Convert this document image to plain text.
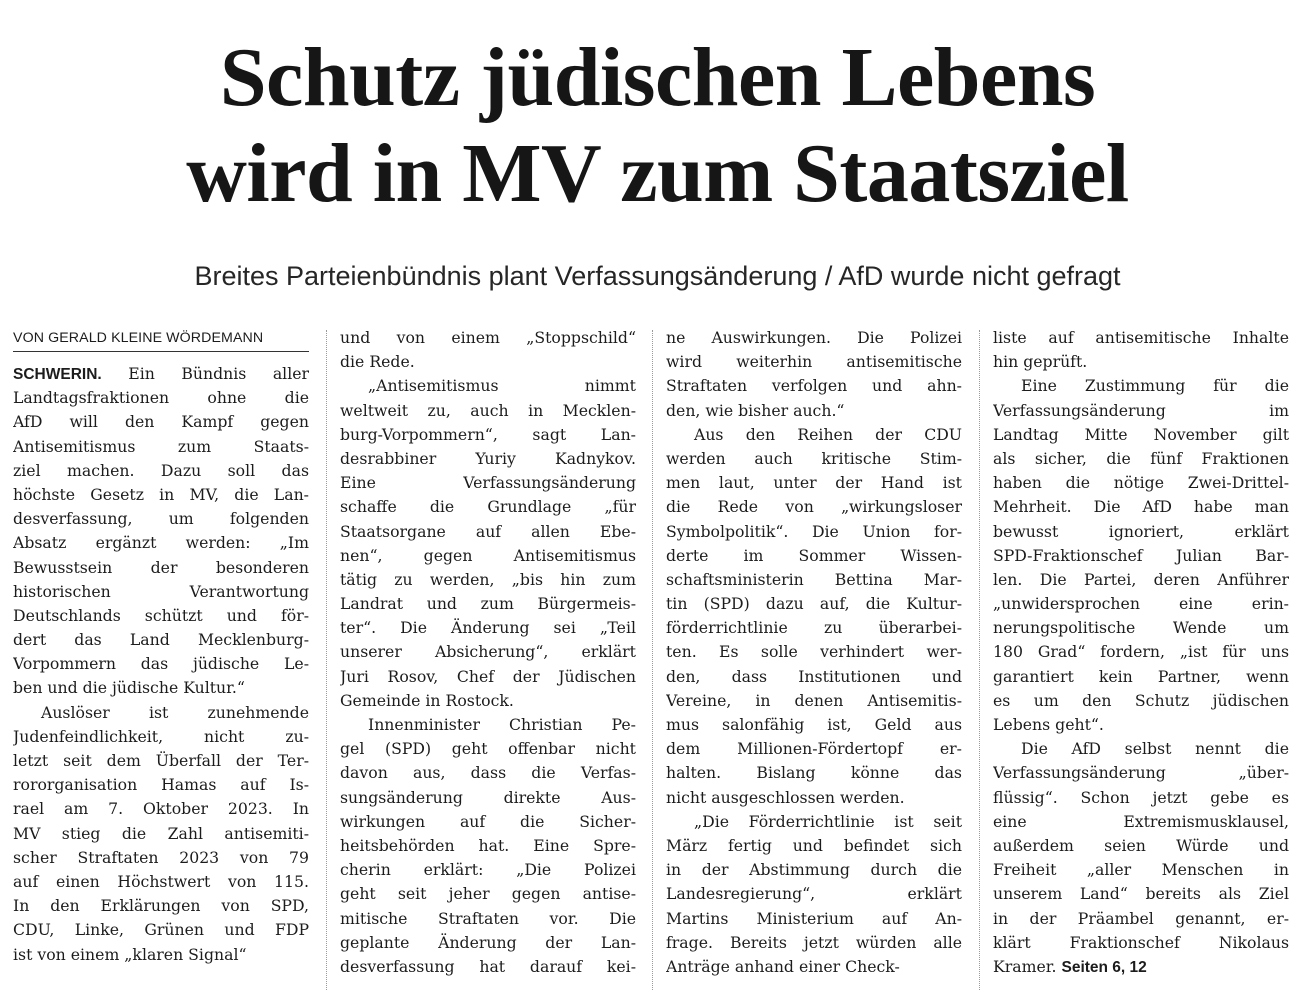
Schutz jüdischen Lebens
wird in MV zum Staatsziel
Breites Parteienbündnis plant Verfassungsänderung / AfD wurde nicht gefragt
VON GERALD KLEINE WÖRDEMANN
SCHWERIN. Ein Bündnis aller
Landtagsfraktionen ohne die
AfD will den Kampf gegen
Antisemitismus zum Staats-
ziel machen. Dazu soll das
höchste Gesetz in MV, die Lan-
desverfassung, um folgenden
Absatz ergänzt werden: „Im
Bewusstsein der besonderen
historischen Verantwortung
Deutschlands schützt und för-
dert das Land Mecklenburg-
Vorpommern das jüdische Le-
ben und die jüdische Kultur.“
Auslöser ist zunehmende
Judenfeindlichkeit, nicht zu-
letzt seit dem Überfall der Ter-
rororganisation Hamas auf Is-
rael am 7. Oktober 2023. In
MV stieg die Zahl antisemiti-
scher Straftaten 2023 von 79
auf einen Höchstwert von 115.
In den Erklärungen von SPD,
CDU, Linke, Grünen und FDP
ist von einem „klaren Signal“
und von einem „Stoppschild“
die Rede.
„Antisemitismus nimmt
weltweit zu, auch in Mecklen-
burg-Vorpommern“, sagt Lan-
desrabbiner Yuriy Kadnykov.
Eine Verfassungsänderung
schaffe die Grundlage „für
Staatsorgane auf allen Ebe-
nen“, gegen Antisemitismus
tätig zu werden, „bis hin zum
Landrat und zum Bürgermeis-
ter“. Die Änderung sei „Teil
unserer Absicherung“, erklärt
Juri Rosov, Chef der Jüdischen
Gemeinde in Rostock.
Innenminister Christian Pe-
gel (SPD) geht offenbar nicht
davon aus, dass die Verfas-
sungsänderung direkte Aus-
wirkungen auf die Sicher-
heitsbehörden hat. Eine Spre-
cherin erklärt: „Die Polizei
geht seit jeher gegen antise-
mitische Straftaten vor. Die
geplante Änderung der Lan-
desverfassung hat darauf kei-
ne Auswirkungen. Die Polizei
wird weiterhin antisemitische
Straftaten verfolgen und ahn-
den, wie bisher auch.“
Aus den Reihen der CDU
werden auch kritische Stim-
men laut, unter der Hand ist
die Rede von „wirkungsloser
Symbolpolitik“. Die Union for-
derte im Sommer Wissen-
schaftsministerin Bettina Mar-
tin (SPD) dazu auf, die Kultur-
förderrichtlinie zu überarbei-
ten. Es solle verhindert wer-
den, dass Institutionen und
Vereine, in denen Antisemitis-
mus salonfähig ist, Geld aus
dem Millionen-Fördertopf er-
halten. Bislang könne das
nicht ausgeschlossen werden.
„Die Förderrichtlinie ist seit
März fertig und befindet sich
in der Abstimmung durch die
Landesregierung“, erklärt
Martins Ministerium auf An-
frage. Bereits jetzt würden alle
Anträge anhand einer Check-
liste auf antisemitische Inhalte
hin geprüft.
Eine Zustimmung für die
Verfassungsänderung im
Landtag Mitte November gilt
als sicher, die fünf Fraktionen
haben die nötige Zwei-Drittel-
Mehrheit. Die AfD habe man
bewusst ignoriert, erklärt
SPD-Fraktionschef Julian Bar-
len. Die Partei, deren Anführer
„unwidersprochen eine erin-
nerungspolitische Wende um
180 Grad“ fordern, „ist für uns
garantiert kein Partner, wenn
es um den Schutz jüdischen
Lebens geht“.
Die AfD selbst nennt die
Verfassungsänderung „über-
flüssig“. Schon jetzt gebe es
eine Extremismusklausel,
außerdem seien Würde und
Freiheit „aller Menschen in
unserem Land“ bereits als Ziel
in der Präambel genannt, er-
klärt Fraktionschef Nikolaus
Kramer. Seiten 6, 12
